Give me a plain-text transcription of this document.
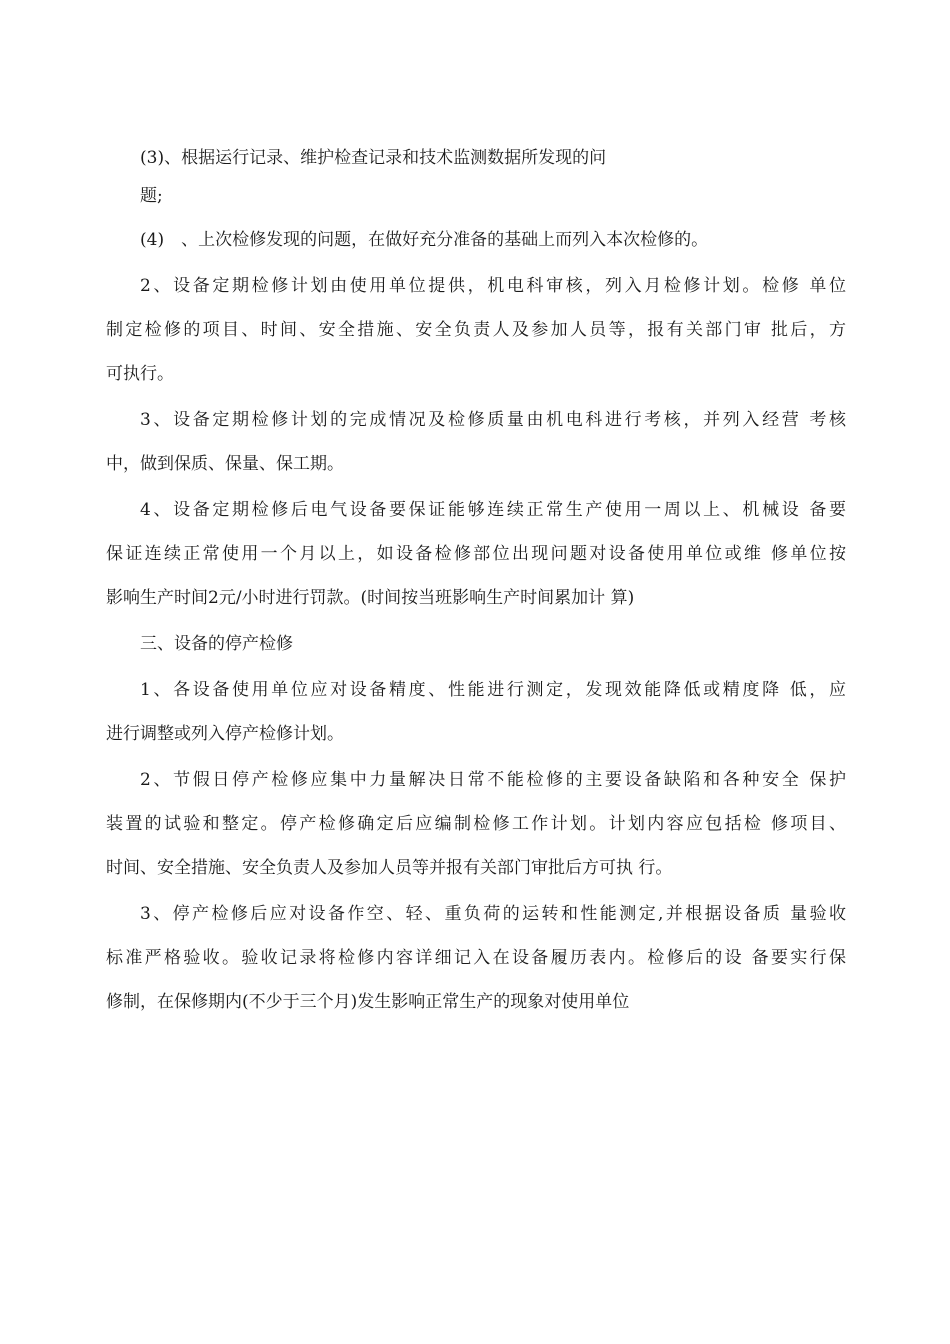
(3)、根据运行记录、维护检查记录和技术监测数据所发现的问
题;
(4)　、上次检修发现的问题，在做好充分准备的基础上而列入本次检修的。
2、设备定期检修计划由使用单位提供，机电科审核，列入月检修计划。检修 单位
制定检修的项目、时间、安全措施、安全负责人及参加人员等，报有关部门审 批后，方
可执行。
3、设备定期检修计划的完成情况及检修质量由机电科进行考核，并列入经营 考核
中，做到保质、保量、保工期。
4、设备定期检修后电气设备要保证能够连续正常生产使用一周以上、机械设 备要
保证连续正常使用一个月以上，如设备检修部位出现问题对设备使用单位或维 修单位按
影响生产时间2元/小时进行罚款。(时间按当班影响生产时间累加计 算)
三、设备的停产检修
1、各设备使用单位应对设备精度、性能进行测定，发现效能降低或精度降 低，应
进行调整或列入停产检修计划。
2、节假日停产检修应集中力量解决日常不能检修的主要设备缺陷和各种安全 保护
装置的试验和整定。停产检修确定后应编制检修工作计划。计划内容应包括检 修项目、
时间、安全措施、安全负责人及参加人员等并报有关部门审批后方可执 行。
3、停产检修后应对设备作空、轻、重负荷的运转和性能测定,并根据设备质 量验收
标准严格验收。验收记录将检修内容详细记入在设备履历表内。检修后的设 备要实行保
修制，在保修期内(不少于三个月)发生影响正常生产的现象对使用单位
